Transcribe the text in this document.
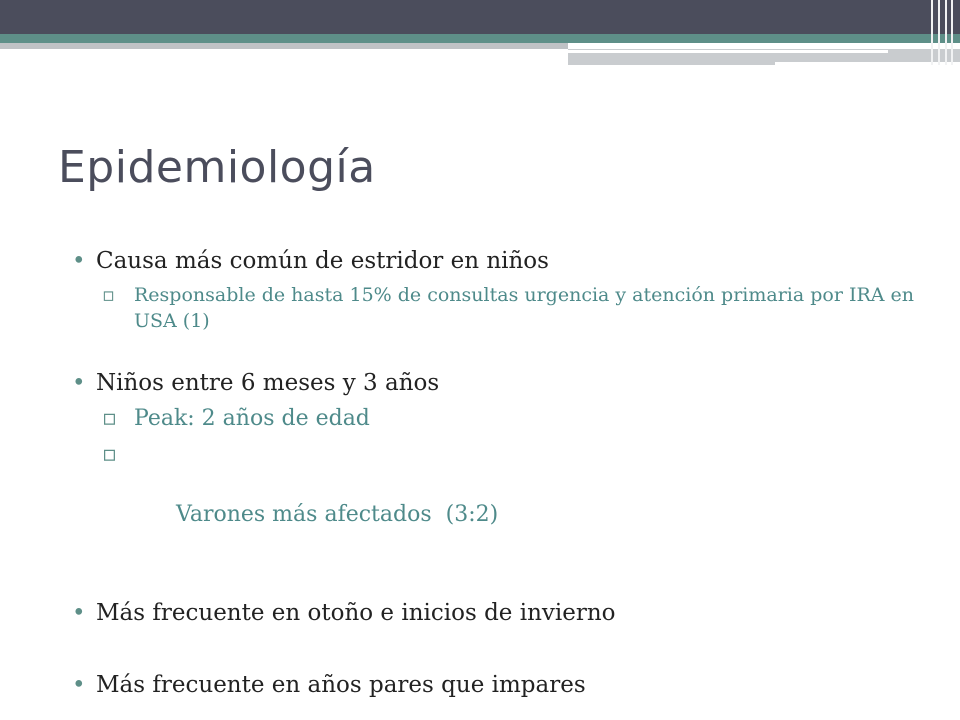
Epidemiología
• Causa más común de estridor en niños
▫ Responsable de hasta 15% de consultas urgencia y atención primaria por IRA en USA (1)
• Niños entre 6 meses y 3 años
▫ Peak: 2 años de edad

▫

Varones más afectados  (3:2)

• Más frecuente en otoño e inicios de invierno
• Más frecuente en años pares que impares
